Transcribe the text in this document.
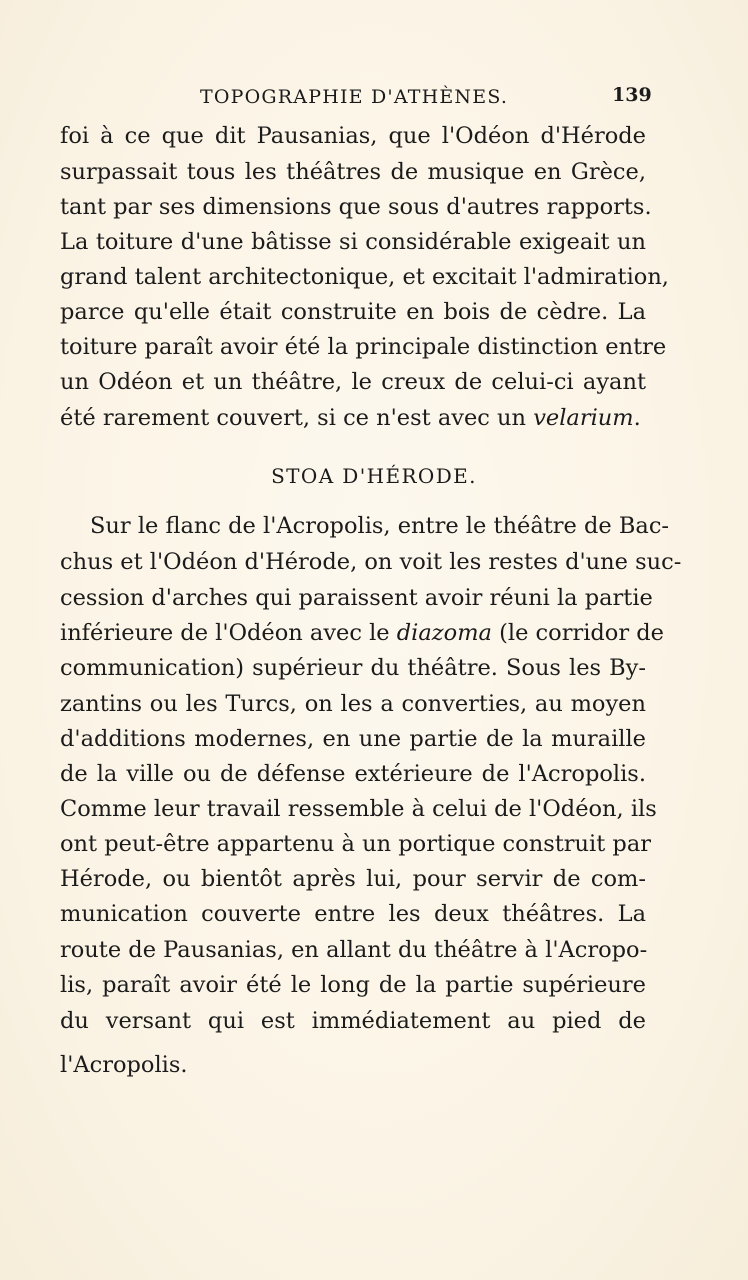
TOPOGRAPHIE D'ATHÈNES.	139
foi à ce que dit Pausanias, que l'Odéon d'Hérode
surpassait tous les théâtres de musique en Grèce,
tant par ses dimensions que sous d'autres rapports.
La toiture d'une bâtisse si considérable exigeait un
grand talent architectonique, et excitait l'admiration,
parce qu'elle était construite en bois de cèdre. La
toiture paraît avoir été la principale distinction entre
un Odéon et un théâtre, le creux de celui-ci ayant
été rarement couvert, si ce n'est avec un velarium.
STOA D'HÉRODE.
Sur le flanc de l'Acropolis, entre le théâtre de Bac-
chus et l'Odéon d'Hérode, on voit les restes d'une suc-
cession d'arches qui paraissent avoir réuni la partie
inférieure de l'Odéon avec le diazoma (le corridor de
communication) supérieur du théâtre. Sous les By-
zantins ou les Turcs, on les a converties, au moyen
d'additions modernes, en une partie de la muraille
de la ville ou de défense extérieure de l'Acropolis.
Comme leur travail ressemble à celui de l'Odéon, ils
ont peut-être appartenu à un portique construit par
Hérode, ou bientôt après lui, pour servir de com-
munication couverte entre les deux théâtres. La
route de Pausanias, en allant du théâtre à l'Acropo-
lis, paraît avoir été le long de la partie supérieure
du versant qui est immédiatement au pied de
l'Acropolis.
